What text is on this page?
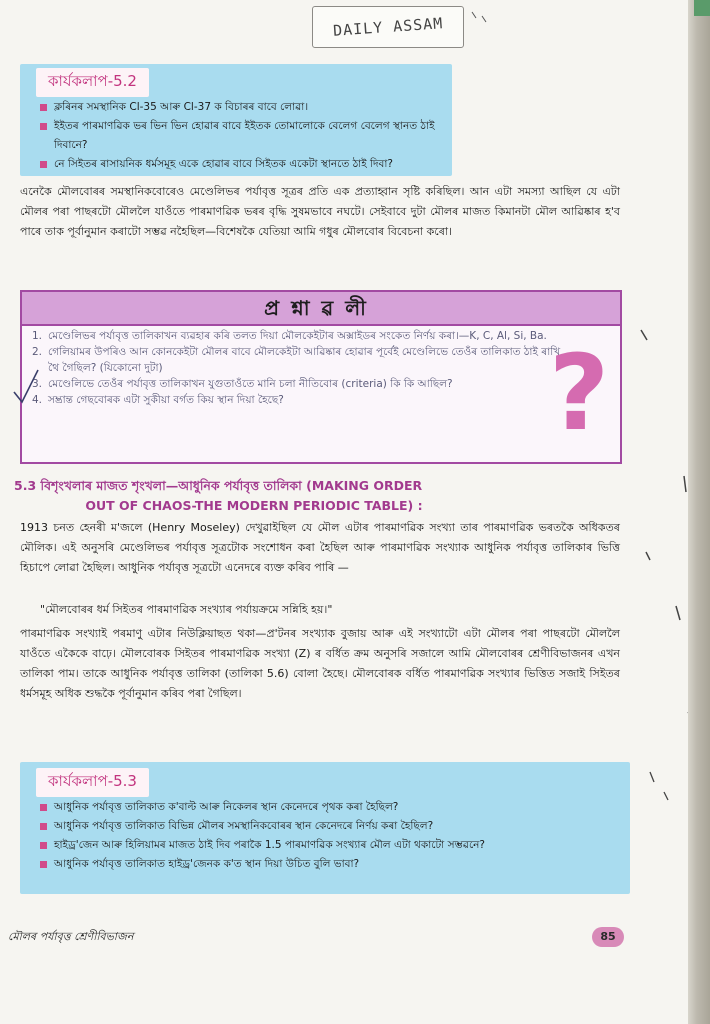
DAILY ASSAM
কাৰ্যকলাপ-5.2
ক্লৰিনৰ সমস্থানিক Cl-35 আৰু Cl-37 ক বিচাৰৰ বাবে লোৱা।
ইইতৰ পাৰমাণৱিক ভৰ ভিন ভিন হোৱাৰ বাবে ইইতক তোমালোকে বেলেগ বেলেগ স্থানত ঠাই দিবানে?
নে সিইতৰ ৰাসায়নিক ধৰ্মসমূহ একে হোৱাৰ বাবে সিইতক একেটা স্থানতে ঠাই দিবা?

এনেকৈ মৌলবোৰৰ সমস্থানিকবোৰেও মেণ্ডেলিভৰ পৰ্যাবৃত্ত সূত্ৰৰ প্ৰতি এক প্ৰত্যাহ্বান সৃষ্টি কৰিছিল। আন এটা সমস্যা আছিল যে এটা মৌলৰ পৰা পাছৰটো মৌললৈ যাওঁতে পাৰমাণৱিক ভৰৰ বৃদ্ধি সুষমভাবে নঘটে। সেইবাবে দুটা মৌলৰ মাজত কিমানটা মৌল আৱিষ্কাৰ হ'ব পাৰে তাক পূৰ্বানুমান কৰাটো সম্ভৱ নহৈছিল—বিশেষকৈ যেতিয়া আমি গধুৰ মৌলবোৰ বিবেচনা কৰো।

প্ৰশ্নাৱলী
1. মেণ্ডেলিভৰ পৰ্যাবৃত্ত তালিকাখন ব্যৱহাৰ কৰি তলত দিয়া মৌলকেইটাৰ অক্সাইডৰ সংকেত নিৰ্ণয় কৰা।—K, C, Al, Si, Ba.
2. গেলিয়ামৰ উপৰিও আন কোনকেইটা মৌলৰ বাবে মৌলকেইটা আৱিষ্কাৰ হোৱাৰ পূৰ্বেই মেণ্ডেলিভে তেওঁৰ তালিকাত ঠাই ৰাখি থৈ গৈছিল? (যিকোনো দুটা)
3. মেণ্ডেলিভে তেওঁৰ পৰ্যাবৃত্ত তালিকাখন যুগুতাওঁতে মানি চলা নীতিবোৰ (criteria) কি কি আছিল?
4. সম্ভ্ৰান্ত গেছবোৰক এটা সুকীয়া বৰ্গত কিয় স্থান দিয়া হৈছে?	?
5.3 বিশৃংখলাৰ মাজত শৃংখলা—আধুনিক পৰ্যাবৃত্ত তালিকা (MAKING ORDER
OUT OF CHAOS-THE MODERN PERIODIC TABLE) :

1913 চনত হেনৰী ম'জলে (Henry Moseley) দেখুৱাইছিল যে মৌল এটাৰ পাৰমাণৱিক সংখ্যা তাৰ পাৰমাণৱিক ভৰতকৈ অধিকতৰ মৌলিক। এই অনুসৰি মেণ্ডেলিভৰ পৰ্যাবৃত্ত সূত্ৰটোক সংশোধন কৰা হৈছিল আৰু পাৰমাণৱিক সংখ্যাক আধুনিক পৰ্যাবৃত্ত তালিকাৰ ভিত্তি হিচাপে লোৱা হৈছিল। আধুনিক পৰ্যাবৃত্ত সূত্ৰটো এনেদৰে ব্যক্ত কৰিব পাৰি —

"মৌলবোৰৰ ধৰ্ম সিইতৰ পাৰমাণৱিক সংখ্যাৰ পৰ্যায়ক্ৰমে সন্নিহি হয়।"

পাৰমাণৱিক সংখ্যাই পৰমাণু এটাৰ নিউক্লিয়াছত থকা—প্ৰ'টনৰ সংখ্যাক বুজায় আৰু এই সংখ্যাটো এটা মৌলৰ পৰা পাছৰটো মৌললৈ যাওঁতে একৈকে বাঢ়ে। মৌলবোৰক সিইতৰ পাৰমাণৱিক সংখ্যা (Z) ৰ বৰ্ধিত ক্ৰম অনুসৰি সজালে আমি মৌলবোৰৰ শ্ৰেণীবিভাজনৰ এখন তালিকা পাম। তাকে আধুনিক পৰ্যাবৃত্ত তালিকা (তালিকা 5.6) বোলা হৈছে। মৌলবোৰক বৰ্ধিত পাৰমাণৱিক সংখ্যাৰ ভিত্তিত সজাই সিইতৰ ধৰ্মসমূহ অধিক শুদ্ধকৈ পূৰ্বানুমান কৰিব পৰা গৈছিল।

কাৰ্যকলাপ-5.3
আধুনিক পৰ্যাবৃত্ত তালিকাত ক'বাল্ট আৰু নিকেলৰ স্থান কেনেদৰে পৃথক কৰা হৈছিল?
আধুনিক পৰ্যাবৃত্ত তালিকাত বিভিন্ন মৌলৰ সমস্থানিকবোৰৰ স্থান কেনেদৰে নিৰ্ণয় কৰা হৈছিল?
হাইড্ৰ'জেন আৰু হিলিয়ামৰ মাজত ঠাই দিব পৰাকৈ 1.5 পাৰমাণৱিক সংখ্যাৰ মৌল এটা থকাটো সম্ভৱনে?
আধুনিক পৰ্যাবৃত্ত তালিকাত হাইড্ৰ'জেনক ক'ত স্থান দিয়া উচিত বুলি ভাবা?
মৌলৰ পৰ্যাবৃত্ত শ্ৰেণীবিভাজন	85
